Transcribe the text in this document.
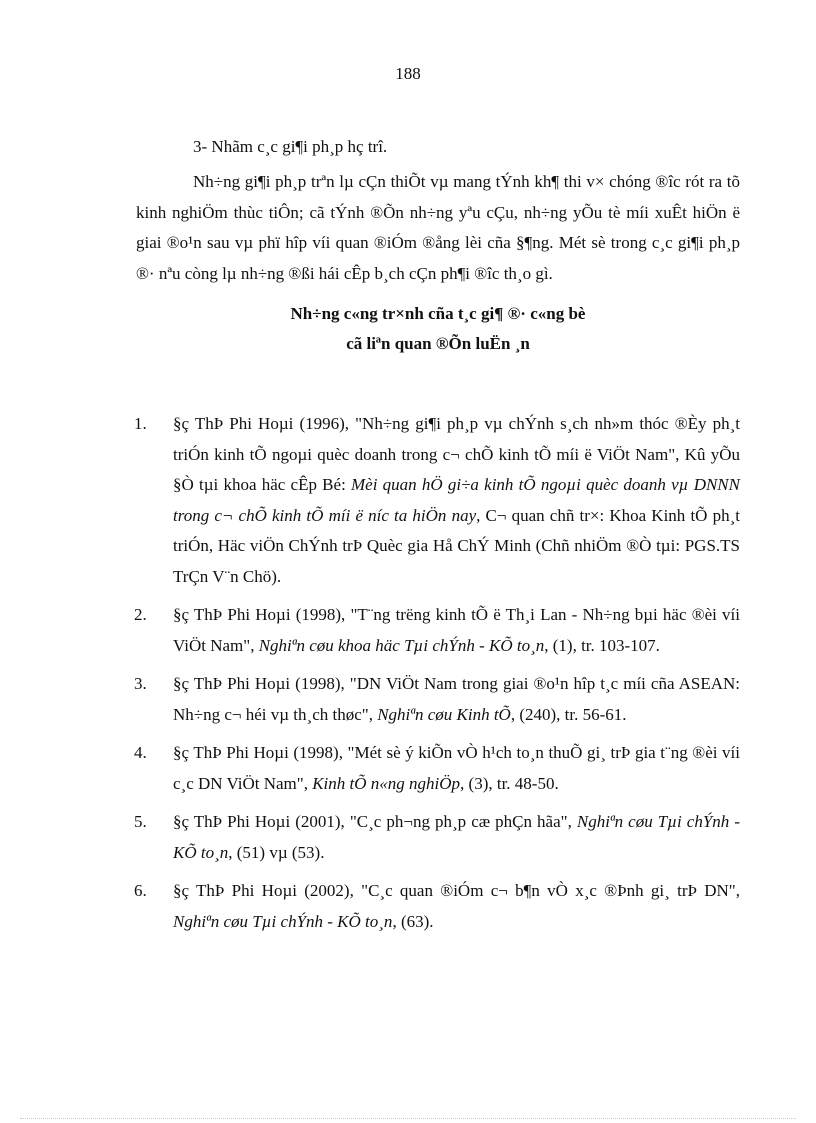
188
3- Nhãm c¸c gi¶i ph¸p hç trî.

Nh÷ng gi¶i ph¸p trªn lµ cÇn thiÕt vµ mang tÝnh kh¶ thi v× chóng ®îc rót ra tõ kinh nghiÖm thùc tiÔn; cã tÝnh ®Õn nh÷ng yªu cÇu, nh÷ng yÕu tè míi xuÊt hiÖn ë giai ®o¹n sau vµ phï hîp víi quan ®iÓm ®ång lèi cña §¶ng. Mét sè trong c¸c gi¶i ph¸p ®· nªu còng lµ nh÷ng ®ßi hái cÊp b¸ch cÇn ph¶i ®îc th¸o gì.

Nh÷ng c«ng tr×nh cña t¸c gi¶ ®· c«ng bè
cã liªn quan ®Õn luËn ¸n
1. §ç ThÞ Phi Hoµi (1996), "Nh÷ng gi¶i ph¸p vµ chÝnh s¸ch nh»m thóc ®Èy ph¸t triÓn kinh tÕ ngoµi quèc doanh trong c¬ chÕ kinh tÕ míi ë ViÖt Nam", Kû yÕu §Ò tµi khoa häc cÊp Bé: Mèi quan hÖ gi÷a kinh tÕ ngoµi quèc doanh vµ DNNN trong c¬ chÕ kinh tÕ míi ë níc ta hiÖn nay, C¬ quan chñ tr×: Khoa Kinh tÕ ph¸t triÓn, Häc viÖn ChÝnh trÞ Quèc gia Hå ChÝ Minh (Chñ nhiÖm ®Ò tµi: PGS.TS TrÇn V¨n Chö).
2. §ç ThÞ Phi Hoµi (1998), "T¨ng trëng kinh tÕ ë Th¸i Lan - Nh÷ng bµi häc ®èi víi ViÖt Nam", Nghiªn cøu khoa häc Tµi chÝnh - KÕ to¸n, (1), tr. 103-107.
3. §ç ThÞ Phi Hoµi (1998), "DN ViÖt Nam trong giai ®o¹n hîp t¸c míi cña ASEAN: Nh÷ng c¬ héi vµ th¸ch thøc", Nghiªn cøu Kinh tÕ, (240), tr. 56-61.
4. §ç ThÞ Phi Hoµi (1998), "Mét sè ý kiÕn vÒ h¹ch to¸n thuÕ gi¸ trÞ gia t¨ng ®èi víi c¸c DN ViÖt Nam", Kinh tÕ n«ng nghiÖp, (3), tr. 48-50.
5. §ç ThÞ Phi Hoµi (2001), "C¸c ph¬ng ph¸p cæ phÇn hãa", Nghiªn cøu Tµi chÝnh - KÕ to¸n, (51) vµ (53).
6. §ç ThÞ Phi Hoµi (2002), "C¸c quan ®iÓm c¬ b¶n vÒ x¸c ®Þnh gi¸ trÞ DN", Nghiªn cøu Tµi chÝnh - KÕ to¸n, (63).
